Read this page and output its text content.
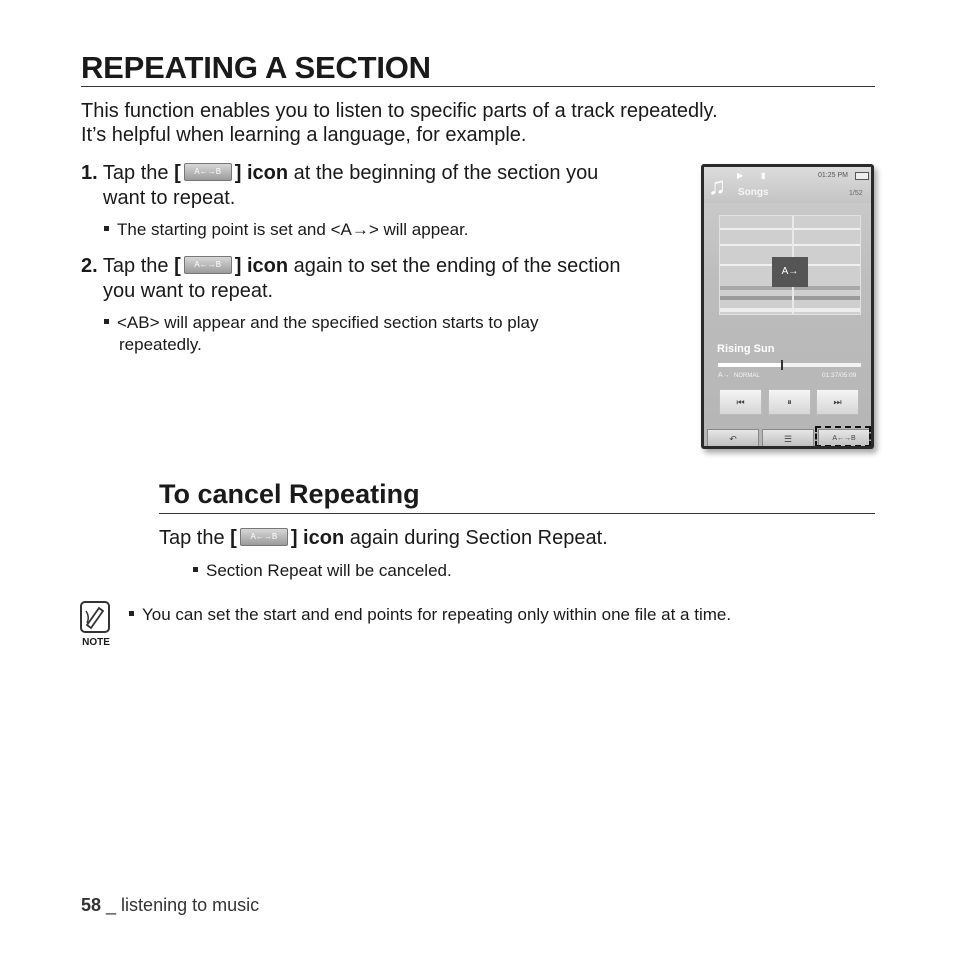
REPEATING A SECTION
This function enables you to listen to specific parts of a track repeatedly.
It’s helpful when learning a language, for example.
1. Tap the [ A←→B ] icon at the beginning of the section you
want to repeat.
The starting point is set and <A→> will appear.
2. Tap the [ A←→B ] icon again to set the ending of the section
you want to repeat.
<AB> will appear and the specified section starts to play
repeatedly.
♫ ▶ ▮	01:25 PM
Songs	1/52
A→
Rising Sun
A→ NORMAL	01:37/05:09
⏮	⏸	⏭
↶	☰	A←→B
To cancel Repeating
Tap the [ A←→B ] icon again during Section Repeat.
Section Repeat will be canceled.
NOTE
You can set the start and end points for repeating only within one file at a time.
58 _ listening to music
